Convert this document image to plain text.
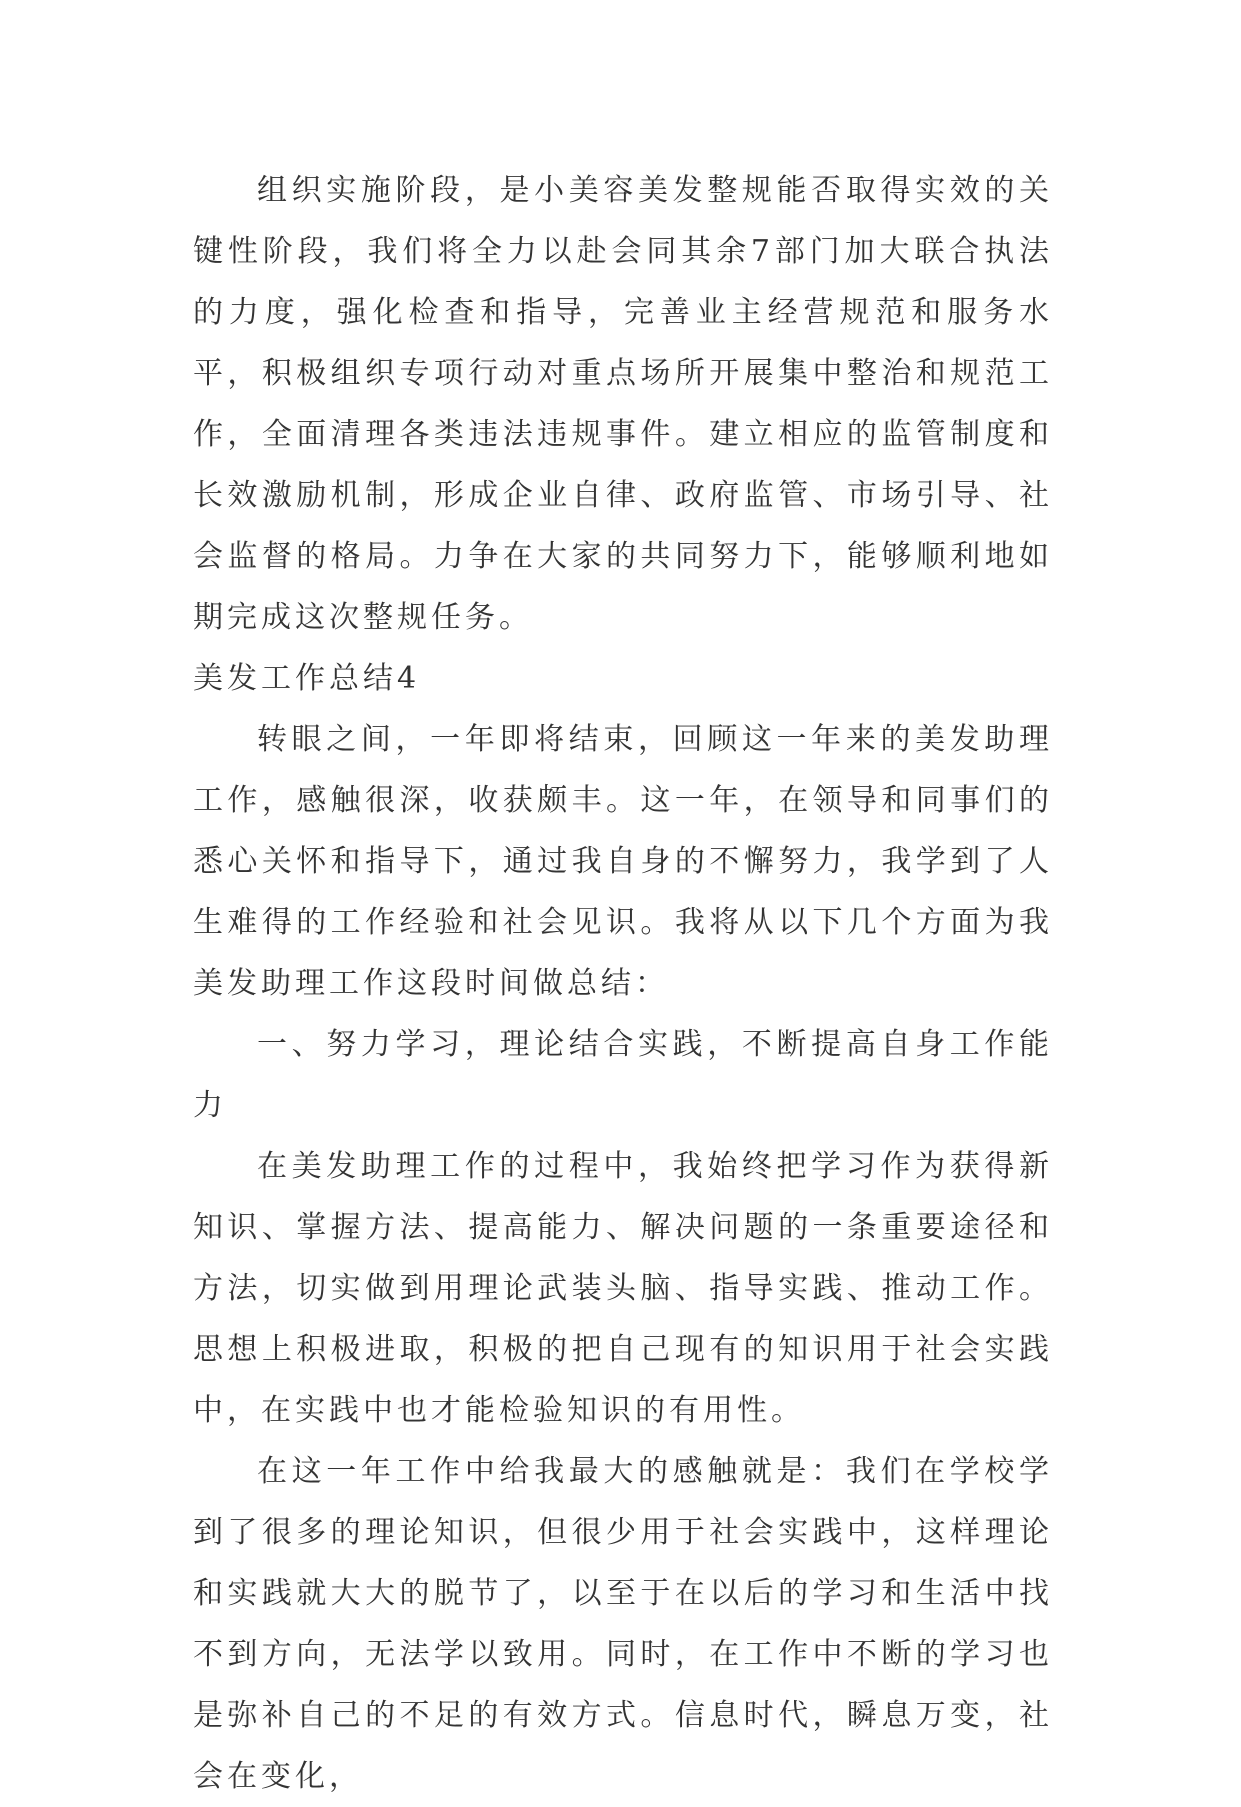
组织实施阶段，是小美容美发整规能否取得实效的关键性阶段，我们将全力以赴会同其余7部门加大联合执法的力度，强化检查和指导，完善业主经营规范和服务水平，积极组织专项行动对重点场所开展集中整治和规范工作，全面清理各类违法违规事件。建立相应的监管制度和长效激励机制，形成企业自律、政府监管、市场引导、社会监督的格局。力争在大家的共同努力下，能够顺利地如期完成这次整规任务。

美发工作总结4

转眼之间，一年即将结束，回顾这一年来的美发助理工作，感触很深，收获颇丰。这一年，在领导和同事们的悉心关怀和指导下，通过我自身的不懈努力，我学到了人生难得的工作经验和社会见识。我将从以下几个方面为我美发助理工作这段时间做总结：

一、努力学习，理论结合实践，不断提高自身工作能力

在美发助理工作的过程中，我始终把学习作为获得新知识、掌握方法、提高能力、解决问题的一条重要途径和方法，切实做到用理论武装头脑、指导实践、推动工作。思想上积极进取，积极的把自己现有的知识用于社会实践中，在实践中也才能检验知识的有用性。

在这一年工作中给我最大的感触就是：我们在学校学到了很多的理论知识，但很少用于社会实践中，这样理论和实践就大大的脱节了，以至于在以后的学习和生活中找不到方向，无法学以致用。同时，在工作中不断的学习也是弥补自己的不足的有效方式。信息时代，瞬息万变，社会在变化，
